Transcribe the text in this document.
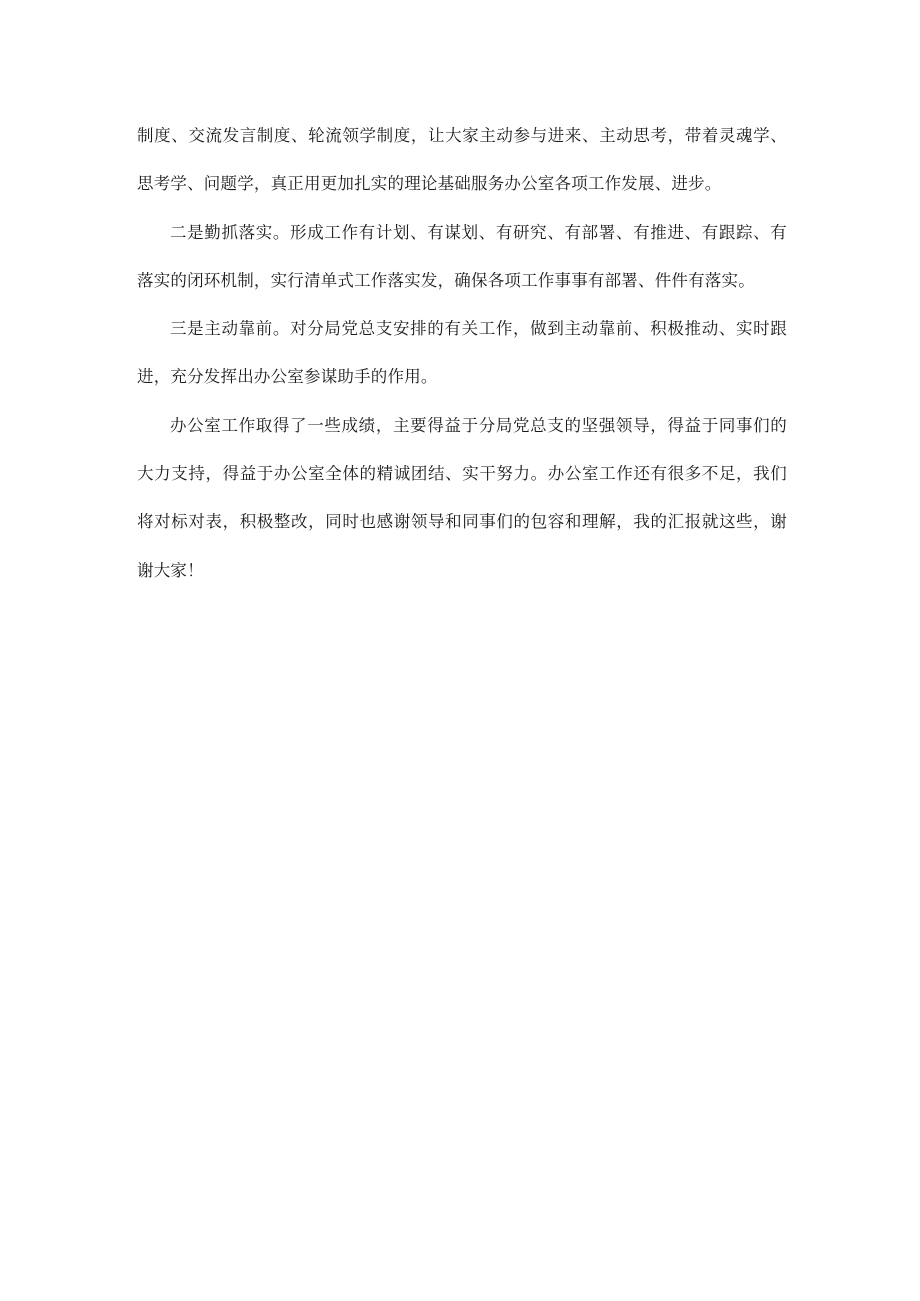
制度、交流发言制度、轮流领学制度，让大家主动参与进来、主动思考，带着灵魂学、思考学、问题学，真正用更加扎实的理论基础服务办公室各项工作发展、进步。

二是勤抓落实。形成工作有计划、有谋划、有研究、有部署、有推进、有跟踪、有落实的闭环机制，实行清单式工作落实发，确保各项工作事事有部署、件件有落实。

三是主动靠前。对分局党总支安排的有关工作，做到主动靠前、积极推动、实时跟进，充分发挥出办公室参谋助手的作用。

办公室工作取得了一些成绩，主要得益于分局党总支的坚强领导，得益于同事们的大力支持，得益于办公室全体的精诚团结、实干努力。办公室工作还有很多不足，我们将对标对表，积极整改，同时也感谢领导和同事们的包容和理解，我的汇报就这些，谢谢大家！
